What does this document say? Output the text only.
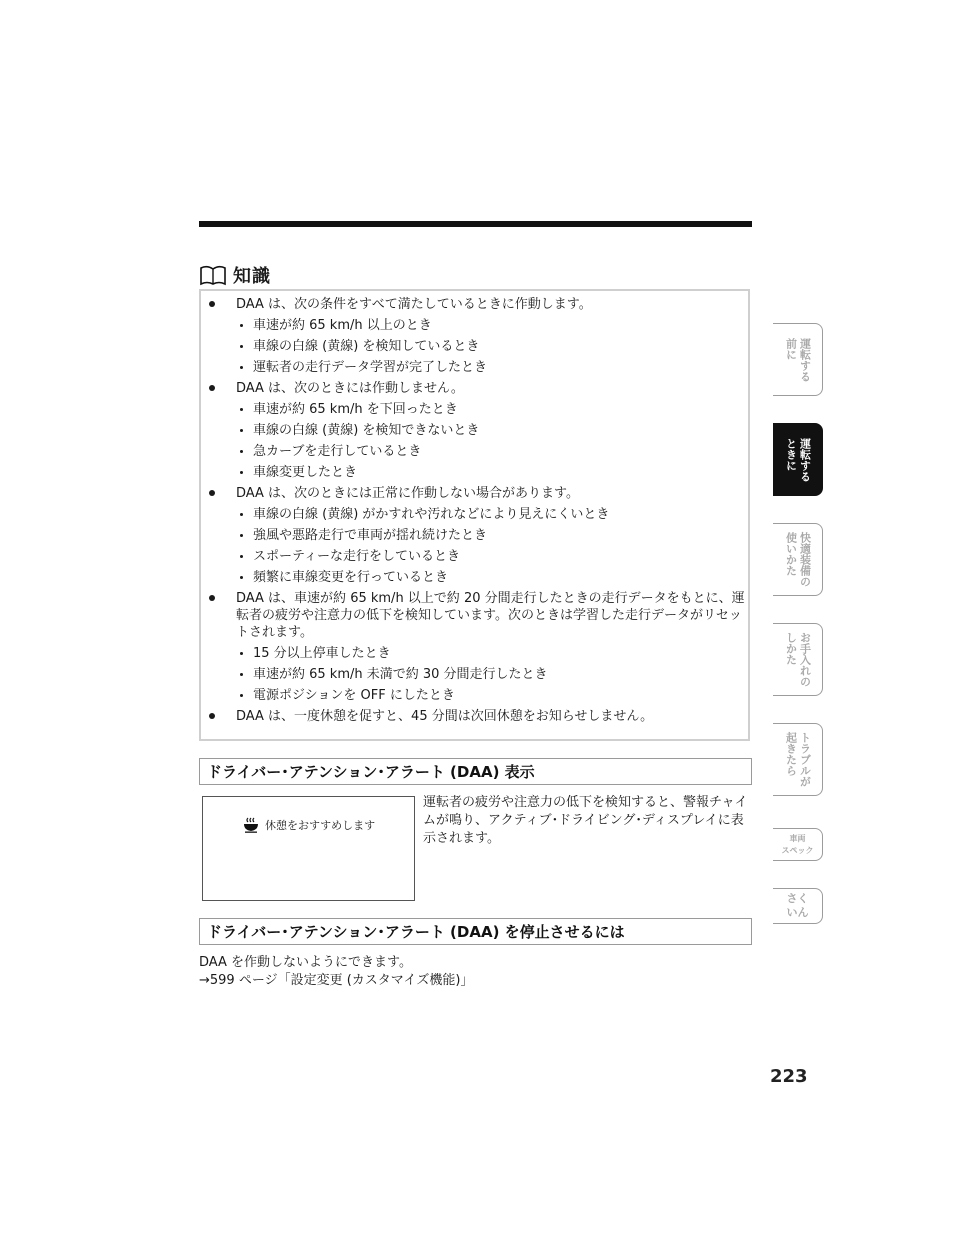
知識
DAA は、次の条件をすべて満たしているときに作動します。
車速が約 65 km/h 以上のとき
車線の白線 (黄線) を検知しているとき
運転者の走行データ学習が完了したとき
DAA は、次のときには作動しません。
車速が約 65 km/h を下回ったとき
車線の白線 (黄線) を検知できないとき
急カーブを走行しているとき
車線変更したとき
DAA は、次のときには正常に作動しない場合があります。
車線の白線 (黄線) がかすれや汚れなどにより見えにくいとき
強風や悪路走行で車両が揺れ続けたとき
スポーティーな走行をしているとき
頻繁に車線変更を行っているとき
DAA は、車速が約 65 km/h 以上で約 20 分間走行したときの走行データをもとに、運転者の疲労や注意力の低下を検知しています。次のときは学習した走行データがリセットされます。
15 分以上停車したとき
車速が約 65 km/h 未満で約 30 分間走行したとき
電源ポジションを OFF にしたとき
DAA は、一度休憩を促すと、45 分間は次回休憩をお知らせしません。
ドライバー･アテンション･アラート (DAA) 表示
休憩をおすすめします
運転者の疲労や注意力の低下を検知すると、警報チャイムが鳴り、アクティブ･ドライビング･ディスプレイに表示されます。
ドライバー･アテンション･アラート (DAA) を停止させるには
DAA を作動しないようにできます。
→599 ページ「設定変更 (カスタマイズ機能)」
223
運転する
前に
運転する
ときに
快適装備の
使いかた
お手入れの
しかた
トラブルが
起きたら
車両
スペック
さく
いん
